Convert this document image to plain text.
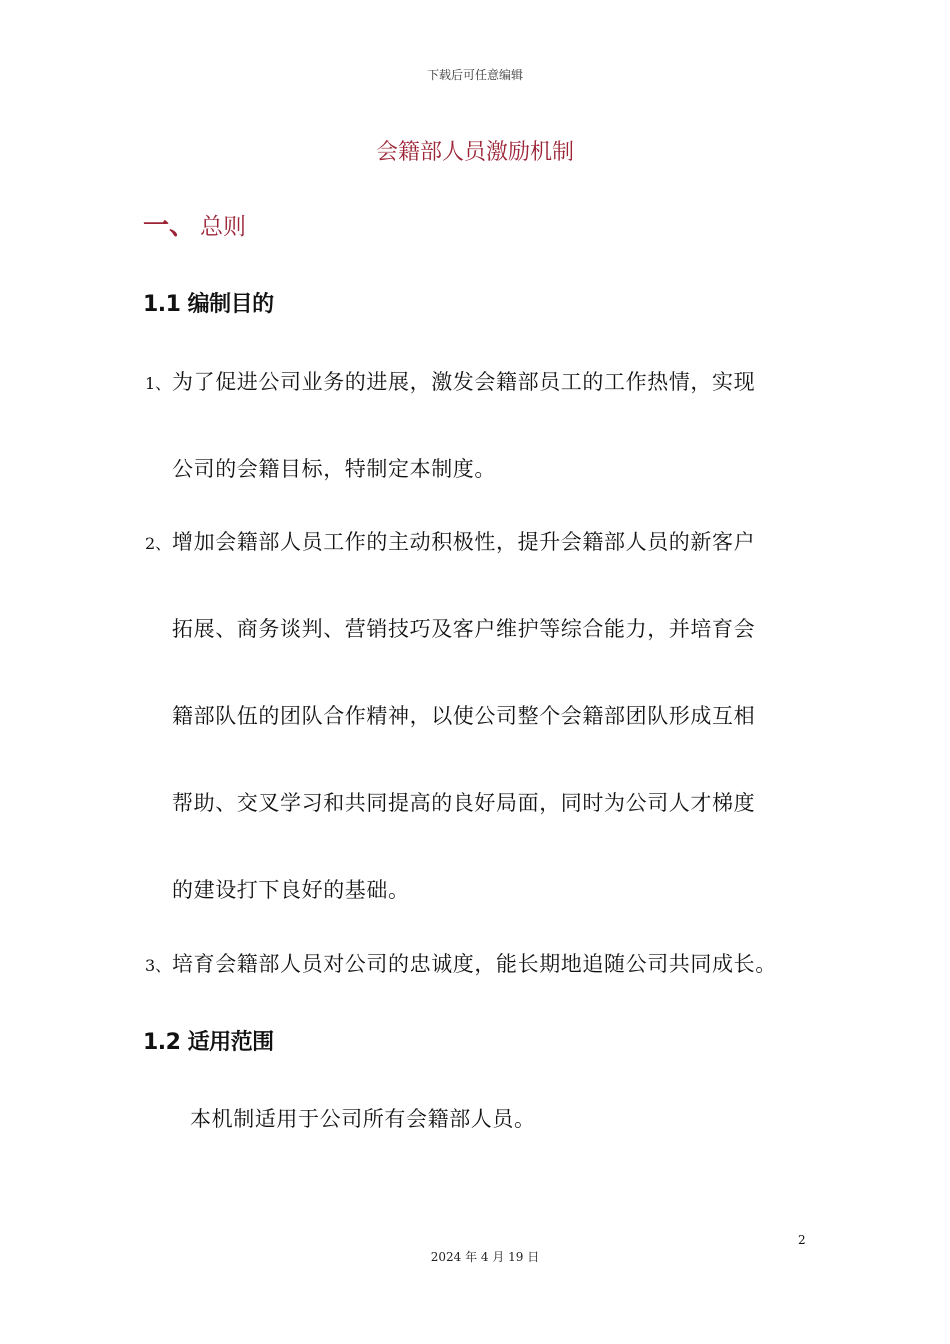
下载后可任意编辑
会籍部人员激励机制
一、 总则
1.1 编制目的
1、 为了促进公司业务的进展，激发会籍部员工的工作热情，实现
公司的会籍目标，特制定本制度。
2、 增加会籍部人员工作的主动积极性，提升会籍部人员的新客户
拓展、商务谈判、营销技巧及客户维护等综合能力，并培育会
籍部队伍的团队合作精神，以使公司整个会籍部团队形成互相
帮助、交叉学习和共同提高的良好局面，同时为公司人才梯度
的建设打下良好的基础。
3、 培育会籍部人员对公司的忠诚度，能长期地追随公司共同成长。
1.2 适用范围
本机制适用于公司所有会籍部人员。
2
2024 年 4 月 19 日
